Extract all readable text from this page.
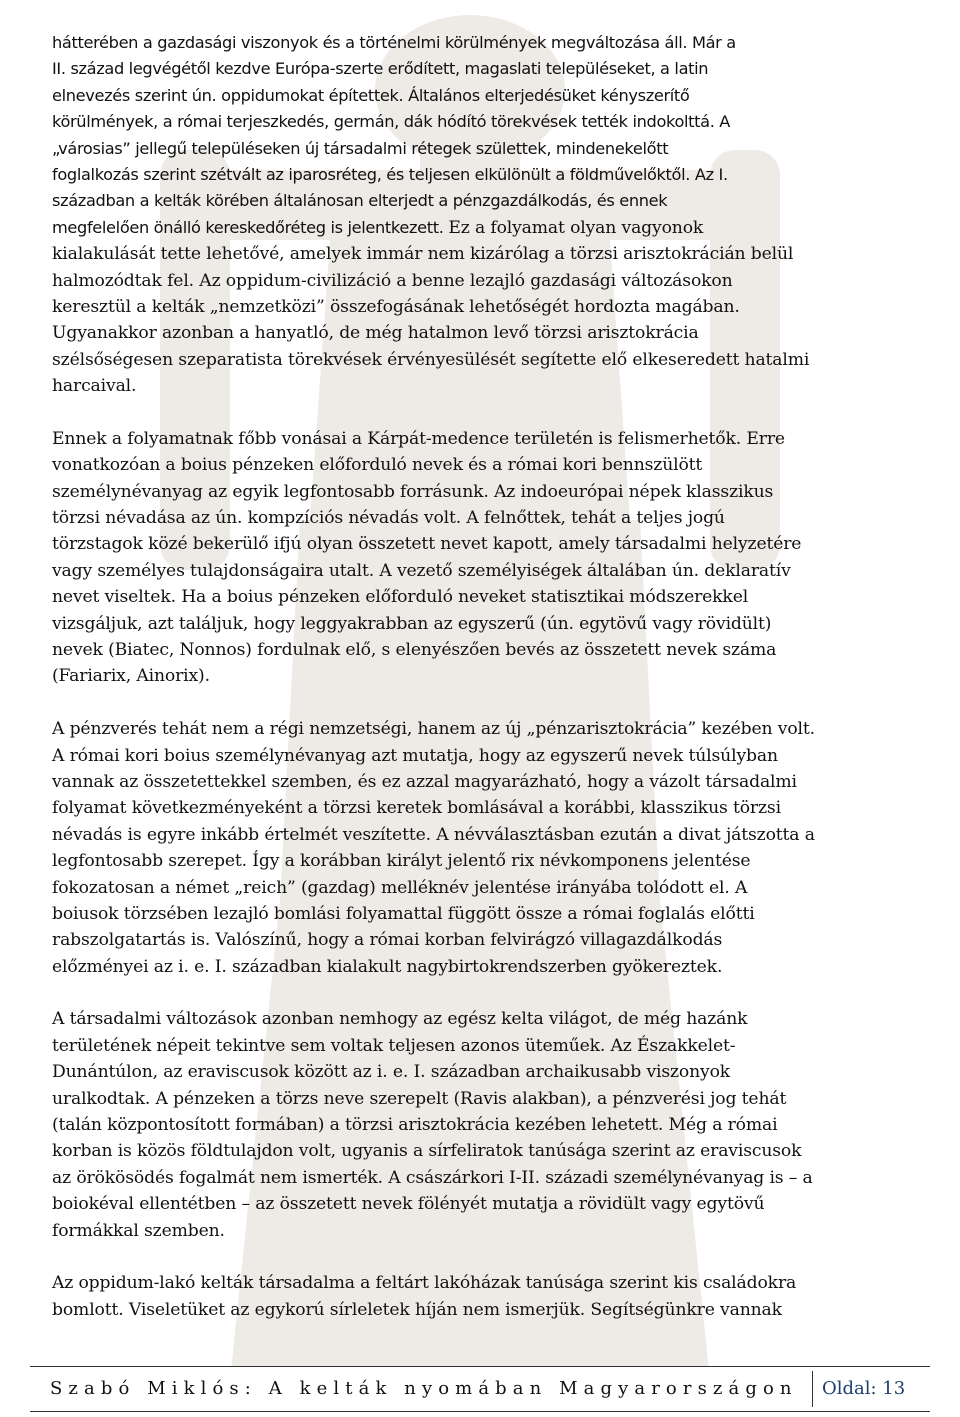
hátterében a gazdasági viszonyok és a történelmi körülmények megváltozása áll. Már a
II. század legvégétől kezdve Európa-szerte erődített, magaslati településeket, a latin
elnevezés szerint ún. oppidumokat építettek. Általános elterjedésüket kényszerítő
körülmények, a római terjeszkedés, germán, dák hódító törekvések tették indokolttá. A
„városias” jellegű településeken új társadalmi rétegek születtek, mindenekelőtt
foglalkozás szerint szétvált az iparosréteg, és teljesen elkülönült a földművelőktől. Az I.
században a kelták körében általánosan elterjedt a pénzgazdálkodás, és ennek
megfelelően önálló kereskedőréteg is jelentkezett. Ez a folyamat olyan vagyonok
kialakulását tette lehetővé, amelyek immár nem kizárólag a törzsi arisztokrácián belül
halmozódtak fel. Az oppidum-civilizáció a benne lezajló gazdasági változásokon
keresztül a kelták „nemzetközi” összefogásának lehetőségét hordozta magában.
Ugyanakkor azonban a hanyatló, de még hatalmon levő törzsi arisztokrácia
szélsőségesen szeparatista törekvések érvényesülését segítette elő elkeseredett hatalmi
harcaival.
Ennek a folyamatnak főbb vonásai a Kárpát-medence területén is felismerhetők. Erre
vonatkozóan a boius pénzeken előforduló nevek és a római kori bennszülött
személynévanyag az egyik legfontosabb forrásunk. Az indoeurópai népek klasszikus
törzsi névadása az ún. kompzíciós névadás volt. A felnőttek, tehát a teljes jogú
törzstagok közé bekerülő ifjú olyan összetett nevet kapott, amely társadalmi helyzetére
vagy személyes tulajdonságaira utalt. A vezető személyiségek általában ún. deklaratív
nevet viseltek. Ha a boius pénzeken előforduló neveket statisztikai módszerekkel
vizsgáljuk, azt találjuk, hogy leggyakrabban az egyszerű (ún. egytövű vagy rövidült)
nevek (Biatec, Nonnos) fordulnak elő, s elenyészően bevés az összetett nevek száma
(Fariarix, Ainorix).
A pénzverés tehát nem a régi nemzetségi, hanem az új „pénzarisztokrácia” kezében volt.
A római kori boius személynévanyag azt mutatja, hogy az egyszerű nevek túlsúlyban
vannak az összetettekkel szemben, és ez azzal magyarázható, hogy a vázolt társadalmi
folyamat következményeként a törzsi keretek bomlásával a korábbi, klasszikus törzsi
névadás is egyre inkább értelmét veszítette. A névválasztásban ezután a divat játszotta a
legfontosabb szerepet. Így a korábban királyt jelentő rix névkomponens jelentése
fokozatosan a német „reich” (gazdag) melléknév jelentése irányába tolódott el. A
boiusok törzsében lezajló bomlási folyamattal függött össze a római foglalás előtti
rabszolgatartás is. Valószínű, hogy a római korban felvirágzó villagazdálkodás
előzményei az i. e. I. században kialakult nagybirtokrendszerben gyökereztek.
A társadalmi változások azonban nemhogy az egész kelta világot, de még hazánk
területének népeit tekintve sem voltak teljesen azonos üteműek. Az Északkelet-
Dunántúlon, az eraviscusok között az i. e. I. században archaikusabb viszonyok
uralkodtak. A pénzeken a törzs neve szerepelt (Ravis alakban), a pénzverési jog tehát
(talán központosított formában) a törzsi arisztokrácia kezében lehetett. Még a római
korban is közös földtulajdon volt, ugyanis a sírfeliratok tanúsága szerint az eraviscusok
az örökösödés fogalmát nem ismerték. A császárkori I-II. századi személynévanyag is – a
boiokéval ellentétben – az összetett nevek fölényét mutatja a rövidült vagy egytövű
formákkal szemben.
Az oppidum-lakó kelták társadalma a feltárt lakóházak tanúsága szerint kis családokra
bomlott. Viseletüket az egykorú sírleletek híján nem ismerjük. Segítségünkre vannak
Szabó Miklós: A kelták nyomában Magyarországon Oldal: 13
